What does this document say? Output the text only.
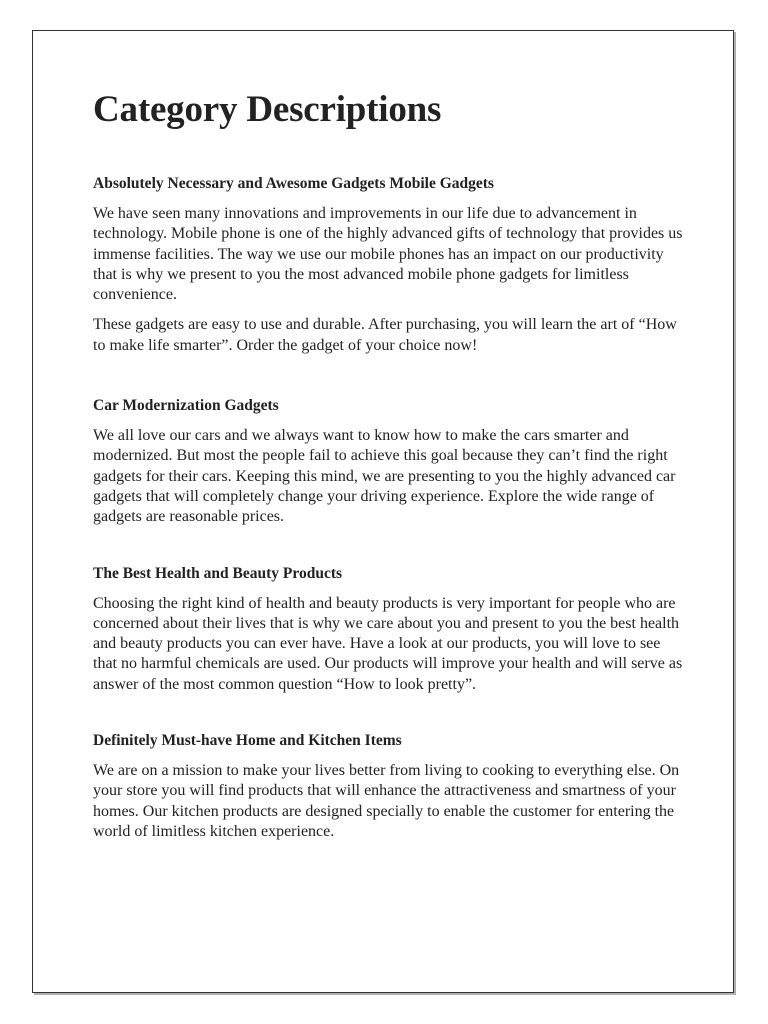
Category Descriptions
Absolutely Necessary and Awesome Gadgets Mobile Gadgets

We have seen many innovations and improvements in our life due to advancement in technology. Mobile phone is one of the highly advanced gifts of technology that provides us immense facilities. The way we use our mobile phones has an impact on our productivity that is why we present to you the most advanced mobile phone gadgets for limitless convenience.

These gadgets are easy to use and durable. After purchasing, you will learn the art of “How to make life smarter”. Order the gadget of your choice now!

Car Modernization Gadgets

We all love our cars and we always want to know how to make the cars smarter and modernized. But most the people fail to achieve this goal because they can’t find the right gadgets for their cars. Keeping this mind, we are presenting to you the highly advanced car gadgets that will completely change your driving experience. Explore the wide range of gadgets are reasonable prices.

The Best Health and Beauty Products

Choosing the right kind of health and beauty products is very important for people who are concerned about their lives that is why we care about you and present to you the best health and beauty products you can ever have. Have a look at our products, you will love to see that no harmful chemicals are used. Our products will improve your health and will serve as answer of the most common question “How to look pretty”.

Definitely Must-have Home and Kitchen Items

We are on a mission to make your lives better from living to cooking to everything else. On your store you will find products that will enhance the attractiveness and smartness of your homes. Our kitchen products are designed specially to enable the customer for entering the world of limitless kitchen experience.
